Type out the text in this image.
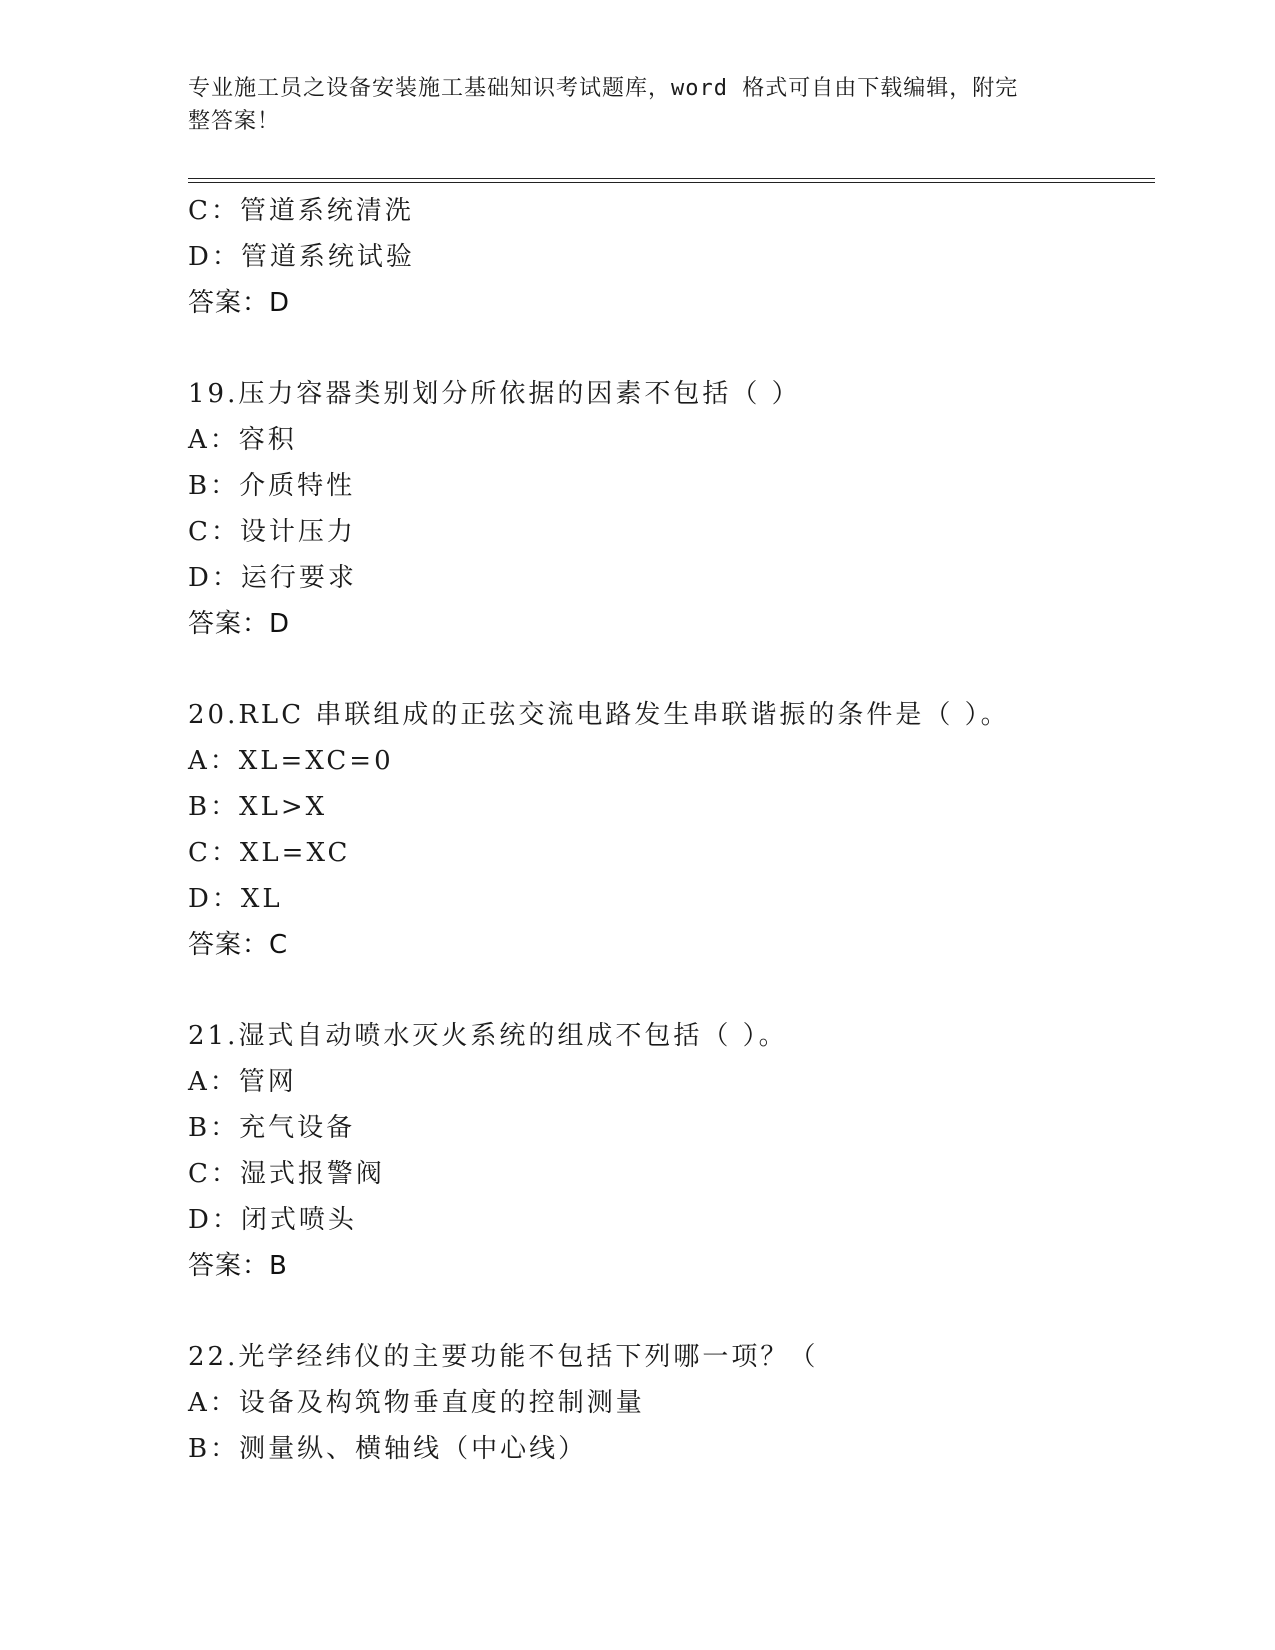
专业施工员之设备安装施工基础知识考试题库，word 格式可自由下载编辑，附完
整答案！
C：管道系统清洗
D：管道系统试验
答案：D
19.压力容器类别划分所依据的因素不包括（ ）
A：容积
B：介质特性
C：设计压力
D：运行要求
答案：D
20.RLC 串联组成的正弦交流电路发生串联谐振的条件是（ ）。
A：XL=XC=0
B：XL>X
C：XL=XC
D：XL
答案：C
21.湿式自动喷水灭火系统的组成不包括（ ）。
A：管网
B：充气设备
C：湿式报警阀
D：闭式喷头
答案：B
22.光学经纬仪的主要功能不包括下列哪一项？（
A：设备及构筑物垂直度的控制测量
B：测量纵、横轴线（中心线）
